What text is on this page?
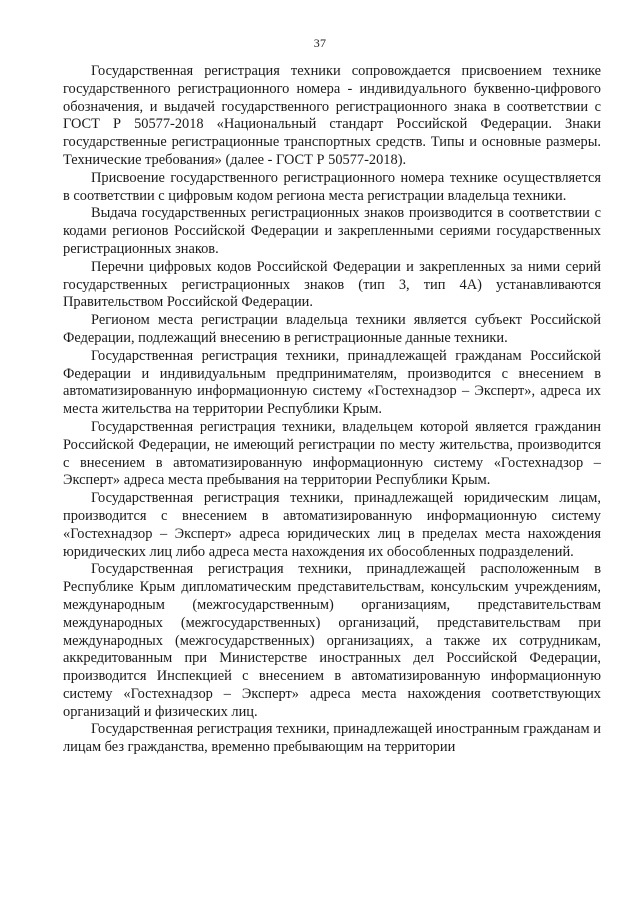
37

Государственная регистрация техники сопровождается присвоением технике государственного регистрационного номера - индивидуального буквенно-цифрового обозначения, и выдачей государственного регистрационного знака в соответствии с ГОСТ Р 50577-2018 «Национальный стандарт Российской Федерации. Знаки государственные регистрационные транспортных средств. Типы и основные размеры. Технические требования» (далее - ГОСТ Р 50577-2018).

Присвоение государственного регистрационного номера технике осуществляется в соответствии с цифровым кодом региона места регистрации владельца техники.

Выдача государственных регистрационных знаков производится в соответствии с кодами регионов Российской Федерации и закрепленными сериями государственных регистрационных знаков.

Перечни цифровых кодов Российской Федерации и закрепленных за ними серий государственных регистрационных знаков (тип 3, тип 4А) устанавливаются Правительством Российской Федерации.

Регионом места регистрации владельца техники является субъект Российской Федерации, подлежащий внесению в регистрационные данные техники.

Государственная регистрация техники, принадлежащей гражданам Российской Федерации и индивидуальным предпринимателям, производится с внесением в автоматизированную информационную систему «Гостехнадзор – Эксперт», адреса их места жительства на территории Республики Крым.

Государственная регистрация техники, владельцем которой является гражданин Российской Федерации, не имеющий регистрации по месту жительства, производится с внесением в автоматизированную информационную систему «Гостехнадзор – Эксперт» адреса места пребывания на территории Республики Крым.

Государственная регистрация техники, принадлежащей юридическим лицам, производится с внесением в автоматизированную информационную систему «Гостехнадзор – Эксперт» адреса юридических лиц в пределах места нахождения юридических лиц либо адреса места нахождения их обособленных подразделений.

Государственная регистрация техники, принадлежащей расположенным в Республике Крым дипломатическим представительствам, консульским учреждениям, международным (межгосударственным) организациям, представительствам международных (межгосударственных) организаций, представительствам при международных (межгосударственных) организациях, а также их сотрудникам, аккредитованным при Министерстве иностранных дел Российской Федерации, производится Инспекцией с внесением в автоматизированную информационную систему «Гостехнадзор – Эксперт» адреса места нахождения соответствующих организаций и физических лиц.

Государственная регистрация техники, принадлежащей иностранным гражданам и лицам без гражданства, временно пребывающим на территории
